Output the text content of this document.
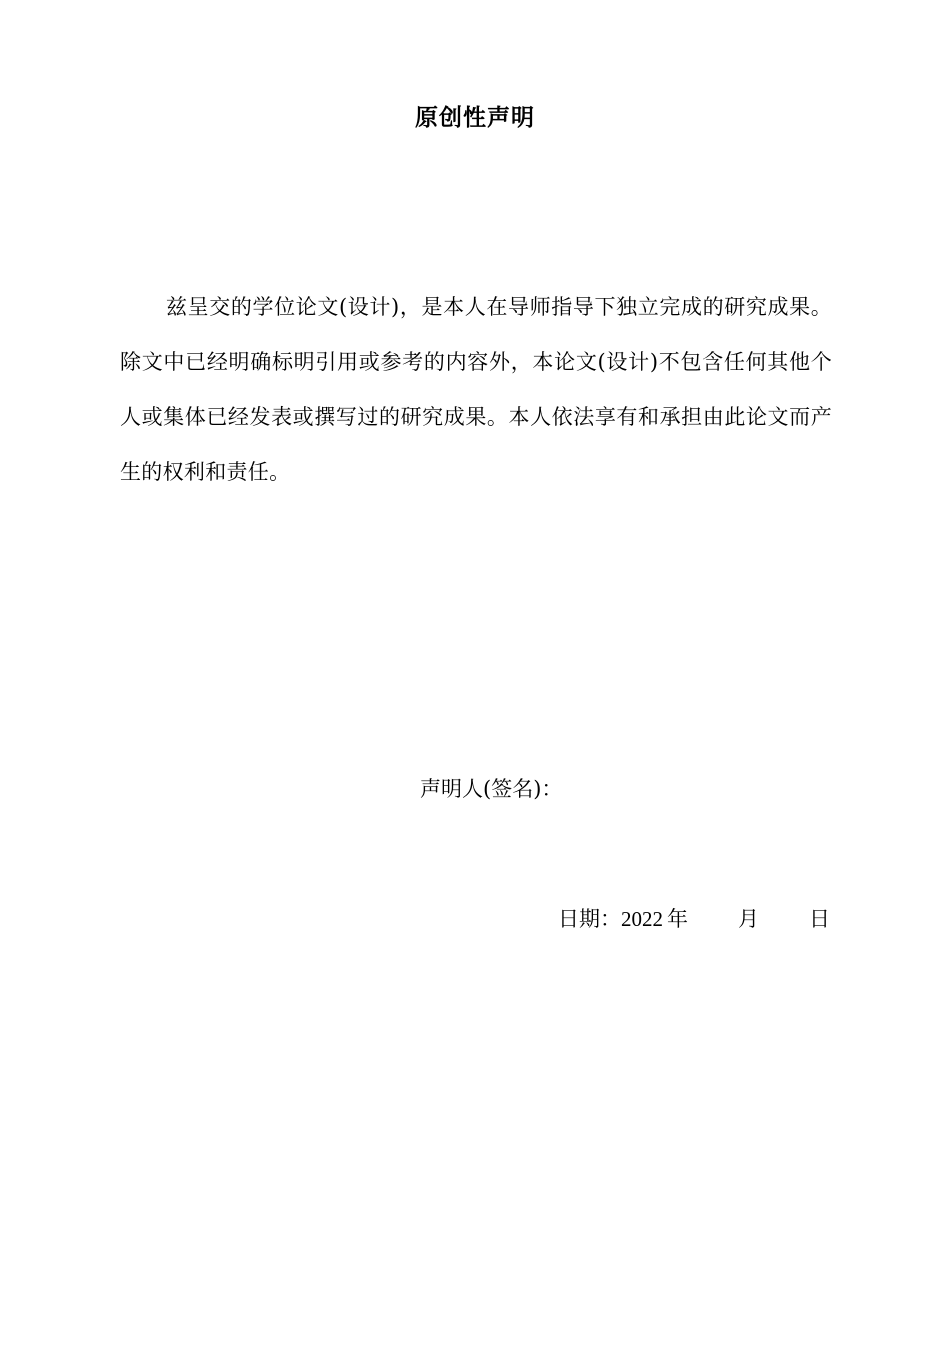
原创性声明

兹呈交的学位论文(设计)，是本人在导师指导下独立完成的研究成果。除文中已经明确标明引用或参考的内容外，本论文(设计)不包含任何其他个人或集体已经发表或撰写过的研究成果。本人依法享有和承担由此论文而产生的权利和责任。

声明人(签名)：
日期：2022 年 月 日
